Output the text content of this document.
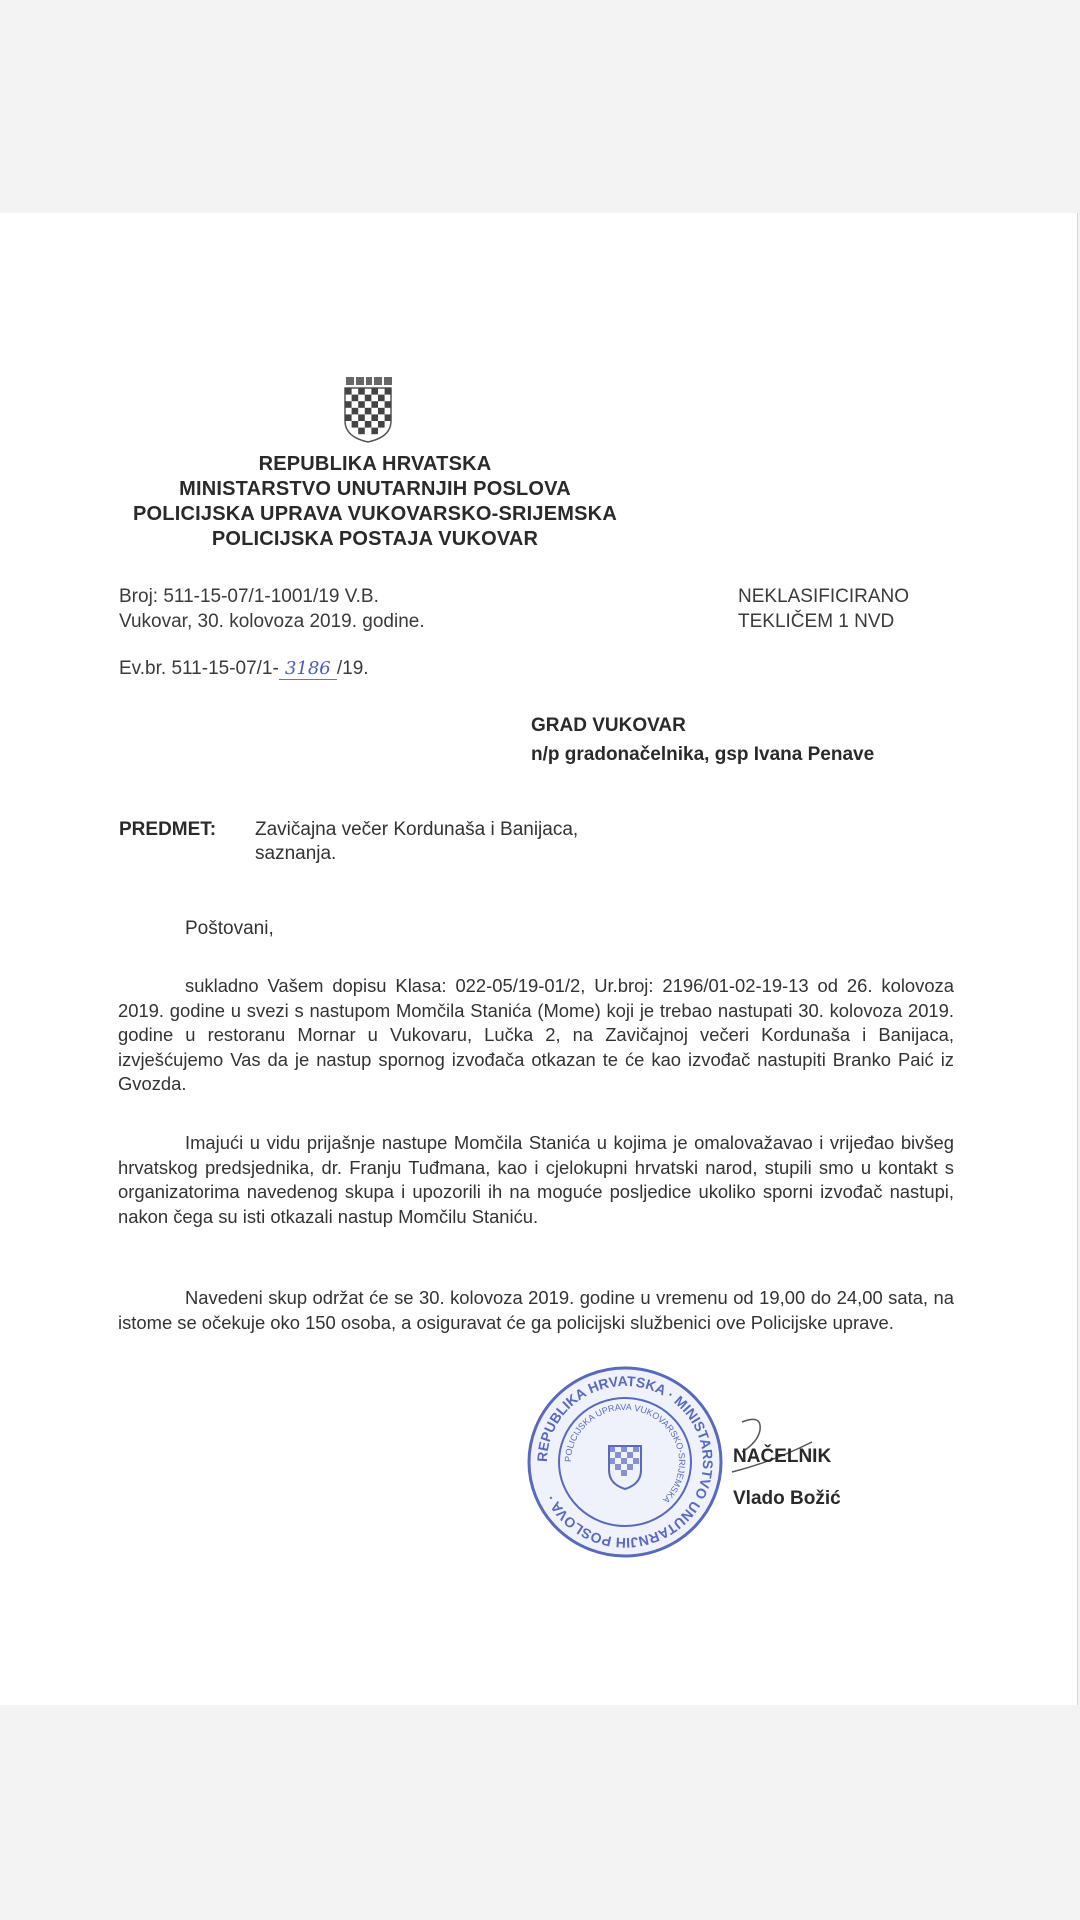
REPUBLIKA HRVATSKA
MINISTARSTVO UNUTARNJIH POSLOVA
POLICIJSKA UPRAVA VUKOVARSKO-SRIJEMSKA
POLICIJSKA POSTAJA VUKOVAR
Broj: 511-15-07/1-1001/19 V.B.
Vukovar, 30. kolovoza 2019. godine.
NEKLASIFICIRANO
TEKLIČEM 1 NVD
Ev.br. 511-15-07/1- 3186 /19.
GRAD VUKOVAR
n/p gradonačelnika, gsp Ivana Penave
PREDMET: Zavičajna večer Kordunaša i Banijaca,
saznanja.
Poštovani,
sukladno Vašem dopisu Klasa: 022-05/19-01/2, Ur.broj: 2196/01-02-19-13 od 26. kolovoza 2019. godine u svezi s nastupom Momčila Stanića (Mome) koji je trebao nastupati 30. kolovoza 2019. godine u restoranu Mornar u Vukovaru, Lučka 2, na Zavičajnoj večeri Kordunaša i Banijaca, izvješćujemo Vas da je nastup spornog izvođača otkazan te će kao izvođač nastupiti Branko Paić iz Gvozda.
Imajući u vidu prijašnje nastupe Momčila Stanića u kojima je omalovažavao i vrijeđao bivšeg hrvatskog predsjednika, dr. Franju Tuđmana, kao i cjelokupni hrvatski narod, stupili smo u kontakt s organizatorima navedenog skupa i upozorili ih na moguće posljedice ukoliko sporni izvođač nastupi, nakon čega su isti otkazali nastup Momčilu Staniću.
Navedeni skup održat će se 30. kolovoza 2019. godine u vremenu od 19,00 do 24,00 sata, na istome se očekuje oko 150 osoba, a osiguravat će ga policijski službenici ove Policijske uprave.
REPUBLIKA HRVATSKA · MINISTARSTVO UNUTARNJIH POSLOVA ·
POLICIJSKA UPRAVA VUKOVARSKO-SRIJEMSKA
NAČELNIK
Vlado Božić
